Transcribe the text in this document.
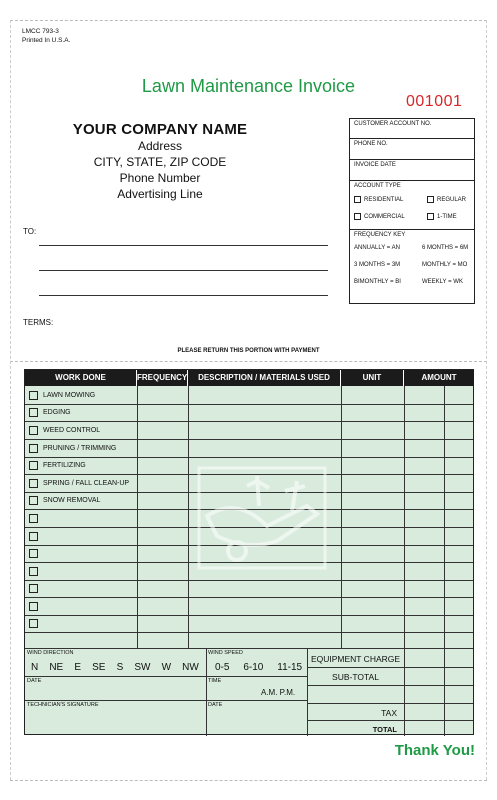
LMCC 793-3
Printed In U.S.A.
Lawn Maintenance Invoice
001001
YOUR COMPANY NAME
Address
CITY, STATE, ZIP CODE
Phone Number
Advertising Line
TO:
TERMS:
CUSTOMER ACCOUNT NO.
PHONE NO.
INVOICE DATE
ACCOUNT TYPE
RESIDENTIAL	REGULAR
COMMERCIAL	1-TIME
FREQUENCY KEY
ANNUALLY = AN	6 MONTHS = 6M
3 MONTHS = 3M	MONTHLY = MO
BIMONTHLY = BI	WEEKLY = WK
PLEASE RETURN THIS PORTION WITH PAYMENT
WORK DONE	FREQUENCY	DESCRIPTION / MATERIALS USED	UNIT	AMOUNT
LAWN MOWING
EDGING
WEED CONTROL
PRUNING / TRIMMING
FERTILIZING
SPRING / FALL CLEAN-UP
SNOW REMOVAL
WIND DIRECTION
N    NE    E    SE    S    SW    W    NW
WIND SPEED
0-5     6-10     11-15
DATE	TIME
A.M. P.M.
TECHNICIAN'S SIGNATURE	DATE
EQUIPMENT CHARGE
SUB-TOTAL
TAX
TOTAL
Thank You!
